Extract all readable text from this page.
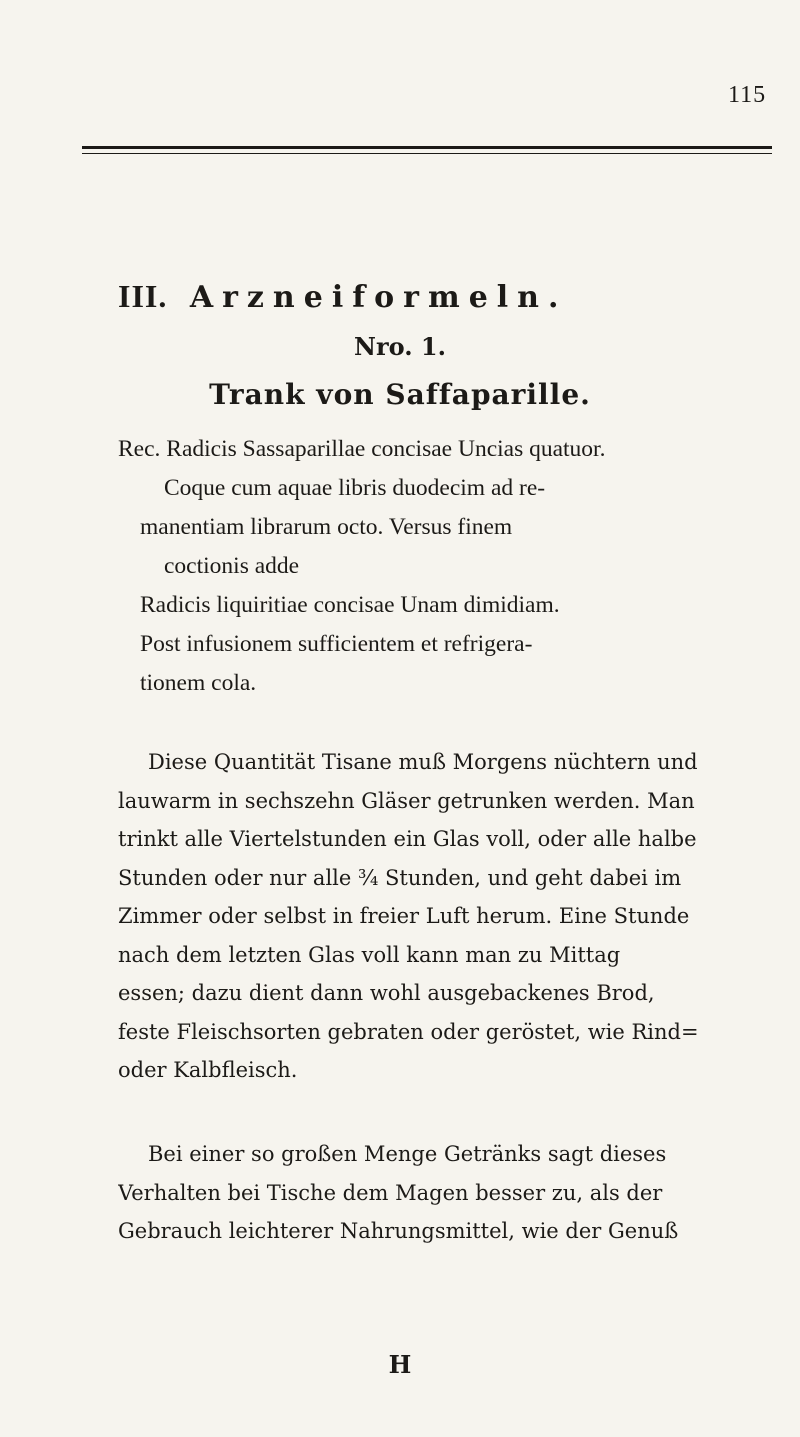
115
III. Arzneiformeln.
Nro. 1.
Trank von Saffaparille.
Rec. Radicis Sassaparillae concisae Uncias quatuor.
Coque cum aquae libris duodecim ad re-
manentiam librarum octo. Versus finem
coctionis adde
Radicis liquiritiae concisae Unam dimidiam.
Post infusionem sufficientem et refrigera-
tionem cola.
Diese Quantität Tisane muß Morgens nüchtern und
lauwarm in sechszehn Gläser getrunken werden. Man
trinkt alle Viertelstunden ein Glas voll, oder alle halbe
Stunden oder nur alle ¾ Stunden, und geht dabei im
Zimmer oder selbst in freier Luft herum. Eine Stunde
nach dem letzten Glas voll kann man zu Mittag
essen; dazu dient dann wohl ausgebackenes Brod,
feste Fleischsorten gebraten oder geröstet, wie Rind=
oder Kalbfleisch.
Bei einer so großen Menge Getränks sagt dieses
Verhalten bei Tische dem Magen besser zu, als der
Gebrauch leichterer Nahrungsmittel, wie der Genuß
H
